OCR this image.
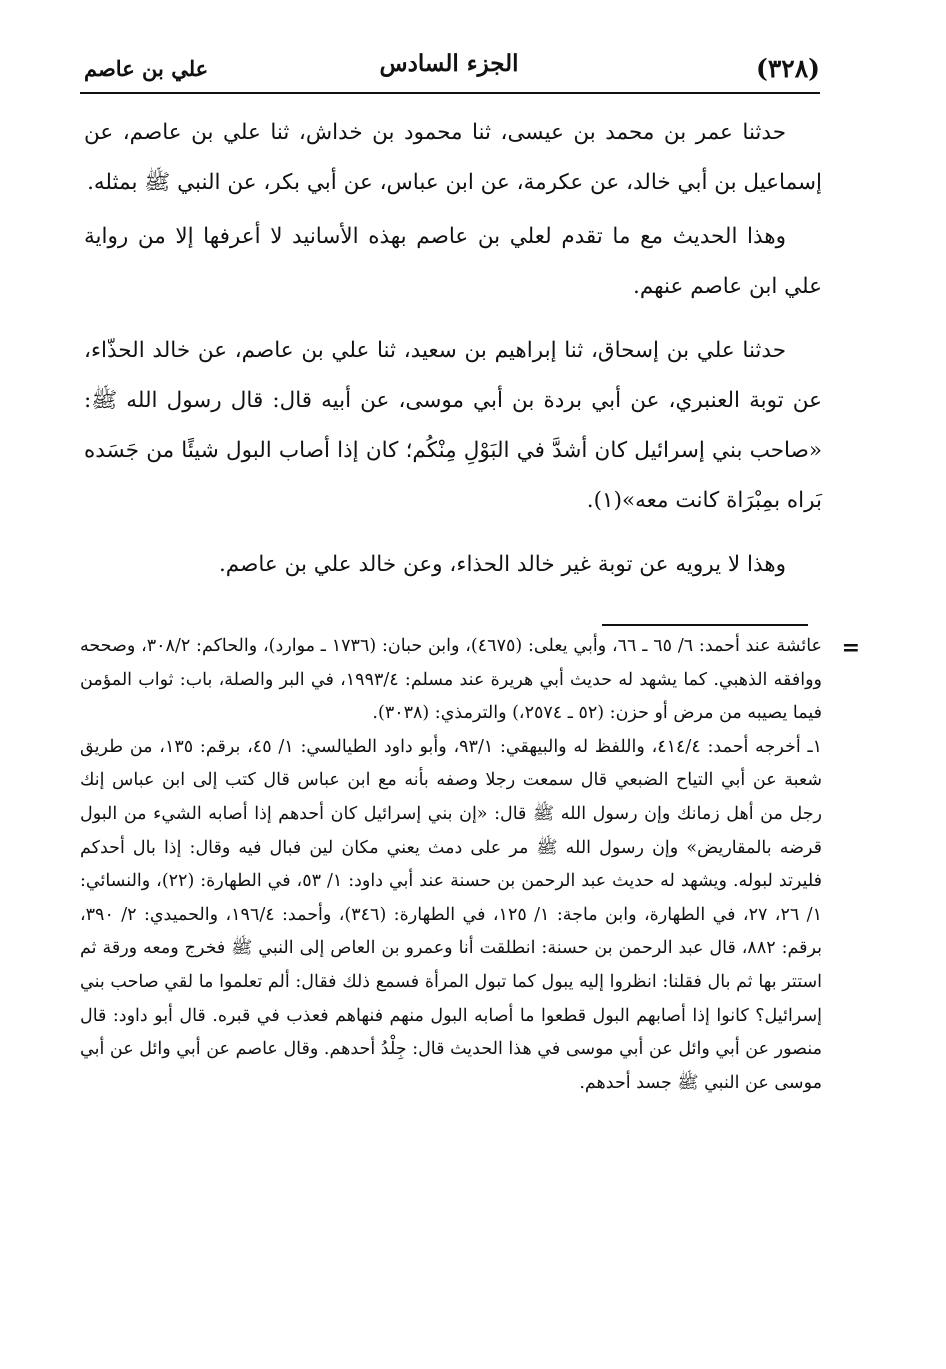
(٣٢٨)
الجزء السادس
علي بن عاصم

حدثنا عمر بن محمد بن عيسى، ثنا محمود بن خداش، ثنا علي بن عاصم، عن إسماعيل بن أبي خالد، عن عكرمة، عن ابن عباس، عن أبي بكر، عن النبي ﷺ بمثله.

وهذا الحديث مع ما تقدم لعلي بن عاصم بهذه الأسانيد لا أعرفها إلا من رواية علي ابن عاصم عنهم.

حدثنا علي بن إسحاق، ثنا إبراهيم بن سعيد، ثنا علي بن عاصم، عن خالد الحذّاء، عن توبة العنبري، عن أبي بردة بن أبي موسى، عن أبيه قال: قال رسول الله ﷺ: «صاحب بني إسرائيل كان أشدَّ في البَوْلِ مِنْكُم؛ كان إذا أصاب البول شيئًا من جَسَده بَراه بمِبْرَاة كانت معه»(١).

وهذا لا يرويه عن توبة غير خالد الحذاء، وعن خالد علي بن عاصم.

=
عائشة عند أحمد: ٦/ ٦٥ ـ ٦٦، وأبي يعلى: (٤٦٧٥)، وابن حبان: (١٧٣٦ ـ موارد)، والحاكم: ٣٠٨/٢، وصححه ووافقه الذهبي. كما يشهد له حديث أبي هريرة عند مسلم: ١٩٩٣/٤، في البر والصلة، باب: ثواب المؤمن فيما يصيبه من مرض أو حزن: (٥٢ ـ ٢٥٧٤،) والترمذي: (٣٠٣٨).

١ـ أخرجه أحمد: ٤١٤/٤، واللفظ له والبيهقي: ٩٣/١، وأبو داود الطيالسي: ١/ ٤٥، برقم: ١٣٥، من طريق شعبة عن أبي التياح الضبعي قال سمعت رجلا وصفه بأنه مع ابن عباس قال كتب إلى ابن عباس إنك رجل من أهل زمانك وإن رسول الله ﷺ قال: «إن بني إسرائيل كان أحدهم إذا أصابه الشيء من البول قرضه بالمقاريض» وإن رسول الله ﷺ مر على دمث يعني مكان لين فبال فيه وقال: إذا بال أحدكم فليرتد لبوله. ويشهد له حديث عبد الرحمن بن حسنة عند أبي داود: ١/ ٥٣، في الطهارة: (٢٢)، والنسائي: ١/ ٢٦، ٢٧، في الطهارة، وابن ماجة: ١/ ١٢٥، في الطهارة: (٣٤٦)، وأحمد: ١٩٦/٤، والحميدي: ٢/ ٣٩٠، برقم: ٨٨٢، قال عبد الرحمن بن حسنة: انطلقت أنا وعمرو بن العاص إلى النبي ﷺ فخرج ومعه ورقة ثم استتر بها ثم بال فقلنا: انظروا إليه يبول كما تبول المرأة فسمع ذلك فقال: ألم تعلموا ما لقي صاحب بني إسرائيل؟ كانوا إذا أصابهم البول قطعوا ما أصابه البول منهم فنهاهم فعذب في قبره. قال أبو داود: قال منصور عن أبي وائل عن أبي موسى في هذا الحديث قال: جِلْدُ أحدهم. وقال عاصم عن أبي وائل عن أبي موسى عن النبي ﷺ جسد أحدهم.
